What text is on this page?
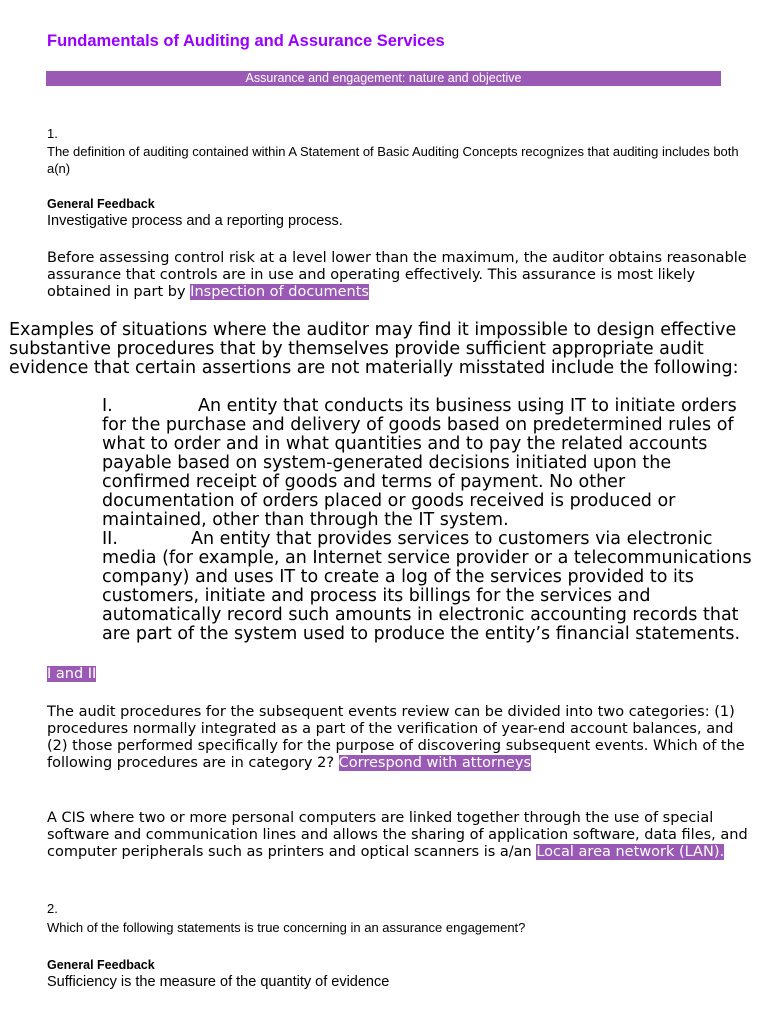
Fundamentals of Auditing and Assurance Services
Assurance and engagement: nature and objective
1.

The definition of auditing contained within A Statement of Basic Auditing Concepts recognizes that auditing includes both a(n)

General Feedback
Investigative process and a reporting process.

Before assessing control risk at a level lower than the maximum, the auditor obtains reasonable assurance that controls are in use and operating effectively. This assurance is most likely obtained in part by Inspection of documents

Examples of situations where the auditor may find it impossible to design effective substantive procedures that by themselves provide sufficient appropriate audit evidence that certain assertions are not materially misstated include the following:

I.	An entity that conducts its business using IT to initiate orders for the purchase and delivery of goods based on predetermined rules of what to order and in what quantities and to pay the related accounts payable based on system-generated decisions initiated upon the confirmed receipt of goods and terms of payment. No other documentation of orders placed or goods received is produced or maintained, other than through the IT system.

II.	An entity that provides services to customers via electronic media (for example, an Internet service provider or a telecommunications company) and uses IT to create a log of the services provided to its customers, initiate and process its billings for the services and automatically record such amounts in electronic accounting records that are part of the system used to produce the entity’s financial statements.

I and II

The audit procedures for the subsequent events review can be divided into two categories: (1) procedures normally integrated as a part of the verification of year-end account balances, and (2) those performed specifically for the purpose of discovering subsequent events. Which of the following procedures are in category 2? Correspond with attorneys

A CIS where two or more personal computers are linked together through the use of special software and communication lines and allows the sharing of application software, data files, and computer peripherals such as printers and optical scanners is a/an Local area network (LAN).

2.

Which of the following statements is true concerning in an assurance engagement?

General Feedback
Sufficiency is the measure of the quantity of evidence
